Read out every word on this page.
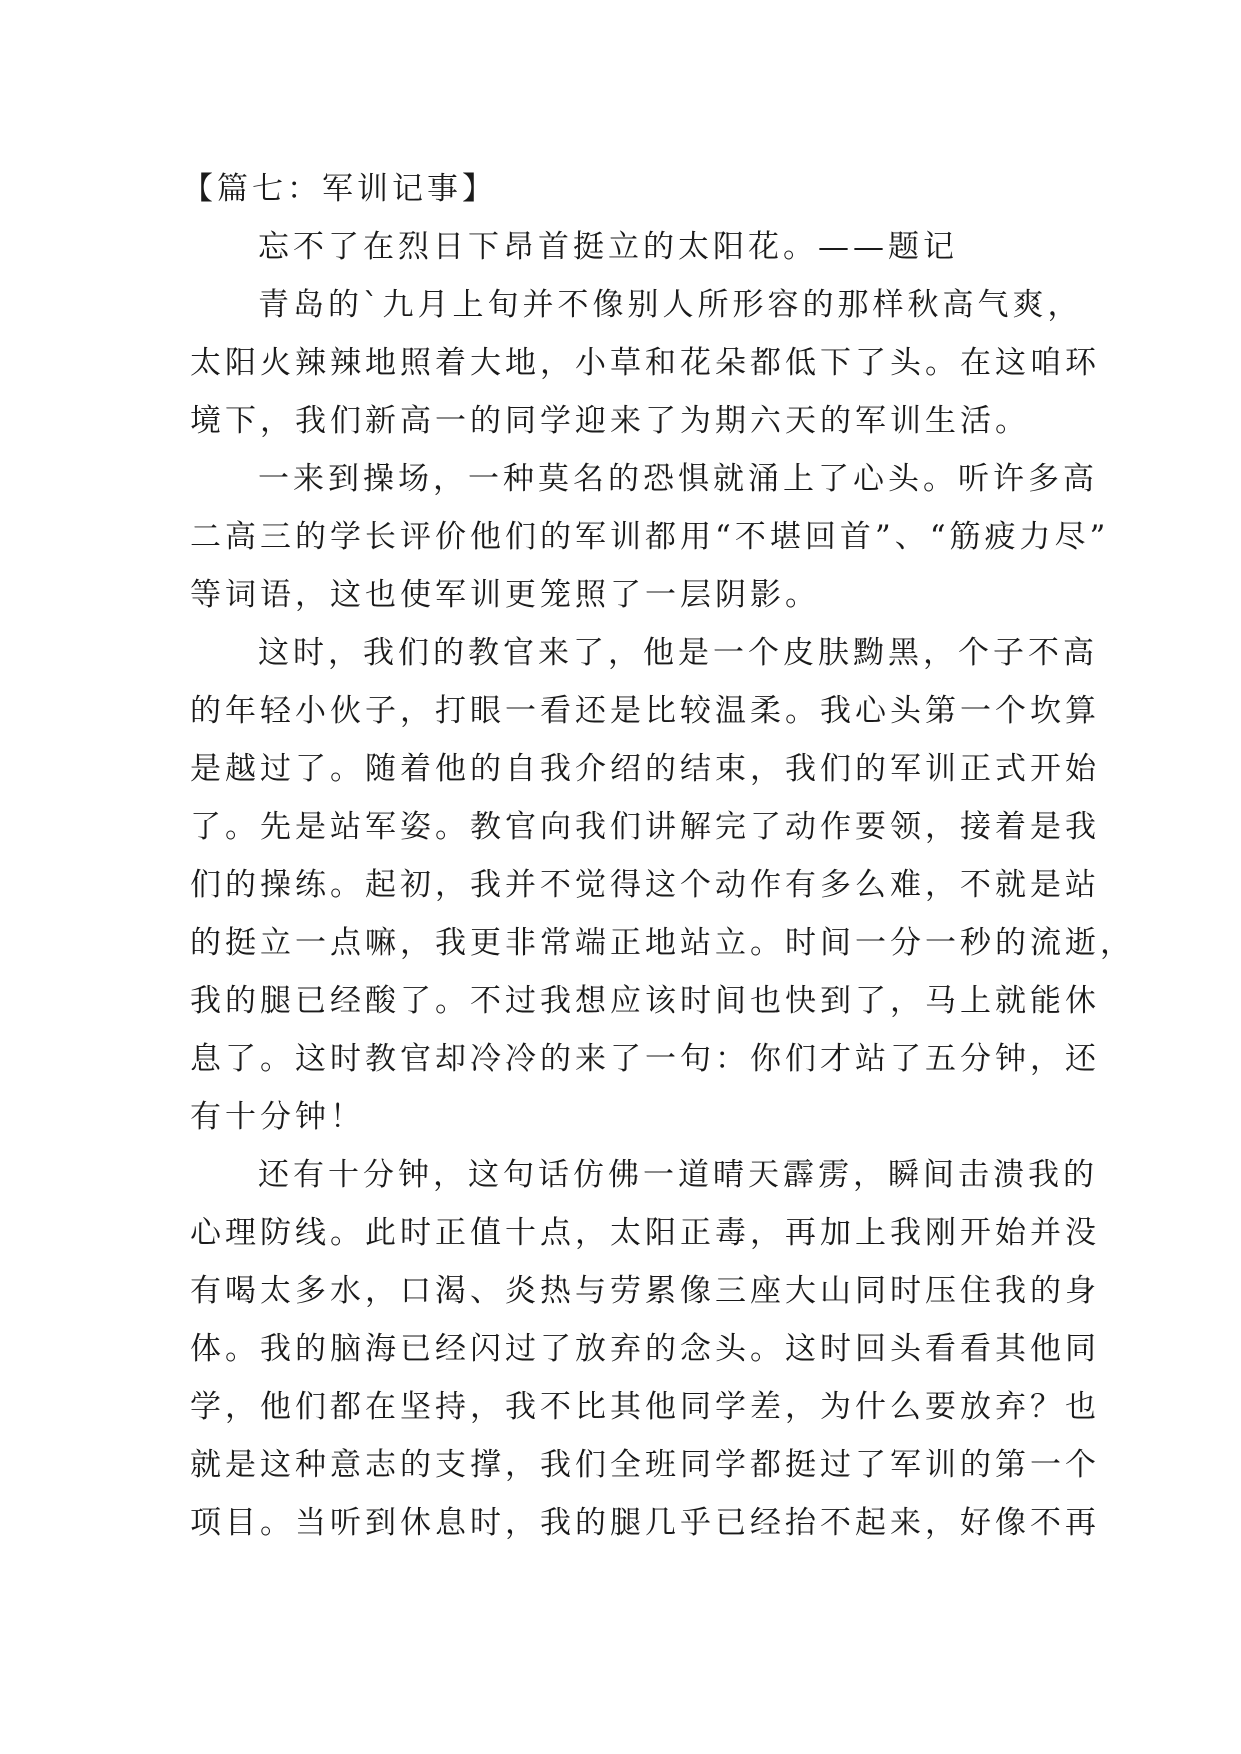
【篇七：军训记事】
忘不了在烈日下昂首挺立的太阳花。——题记
青岛的`九月上旬并不像别人所形容的那样秋高气爽，
太阳火辣辣地照着大地，小草和花朵都低下了头。在这咱环
境下，我们新高一的同学迎来了为期六天的军训生活。
一来到操场，一种莫名的恐惧就涌上了心头。听许多高
二高三的学长评价他们的军训都用“不堪回首”、“筋疲力尽”
等词语，这也使军训更笼照了一层阴影。
这时，我们的教官来了，他是一个皮肤黝黑，个子不高
的年轻小伙子，打眼一看还是比较温柔。我心头第一个坎算
是越过了。随着他的自我介绍的结束，我们的军训正式开始
了。先是站军姿。教官向我们讲解完了动作要领，接着是我
们的操练。起初，我并不觉得这个动作有多么难，不就是站
的挺立一点嘛，我更非常端正地站立。时间一分一秒的流逝，
我的腿已经酸了。不过我想应该时间也快到了，马上就能休
息了。这时教官却冷冷的来了一句：你们才站了五分钟，还
有十分钟！
还有十分钟，这句话仿佛一道晴天霹雳，瞬间击溃我的
心理防线。此时正值十点，太阳正毒，再加上我刚开始并没
有喝太多水，口渴、炎热与劳累像三座大山同时压住我的身
体。我的脑海已经闪过了放弃的念头。这时回头看看其他同
学，他们都在坚持，我不比其他同学差，为什么要放弃？也
就是这种意志的支撑，我们全班同学都挺过了军训的第一个
项目。当听到休息时，我的腿几乎已经抬不起来，好像不再
